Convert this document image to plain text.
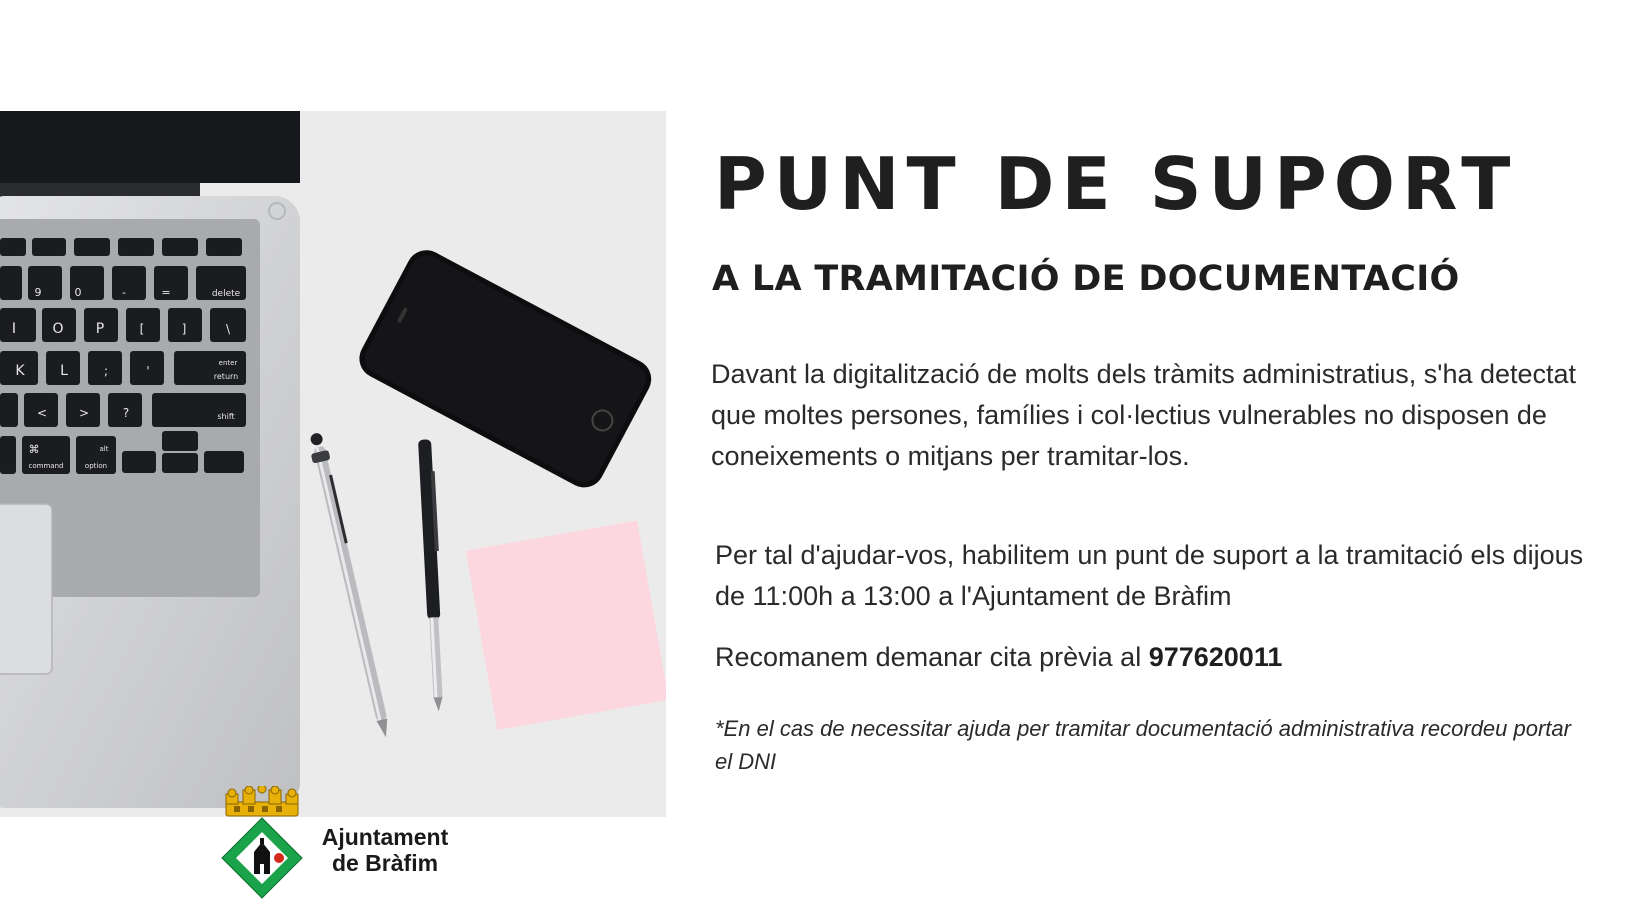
9	0	-	=	delete
I	O P	[	]	\
K	L	;	'
enter
return
<	>	?	shift
⌘
command
alt
option
PUNT DE SUPORT
A LA TRAMITACIÓ DE DOCUMENTACIÓ

Davant la digitalització de molts dels tràmits administratius, s'ha detectat que moltes persones, famílies i col·lectius vulnerables no disposen de coneixements o mitjans per tramitar-los.

Per tal d'ajudar-vos, habilitem un punt de suport a la tramitació els dijous de 11:00h a 13:00 a l'Ajuntament de Bràfim

Recomanem demanar cita prèvia al 977620011

*En el cas de necessitar ajuda per tramitar documentació administrativa recordeu portar el DNI

Ajuntament
de Bràfim
